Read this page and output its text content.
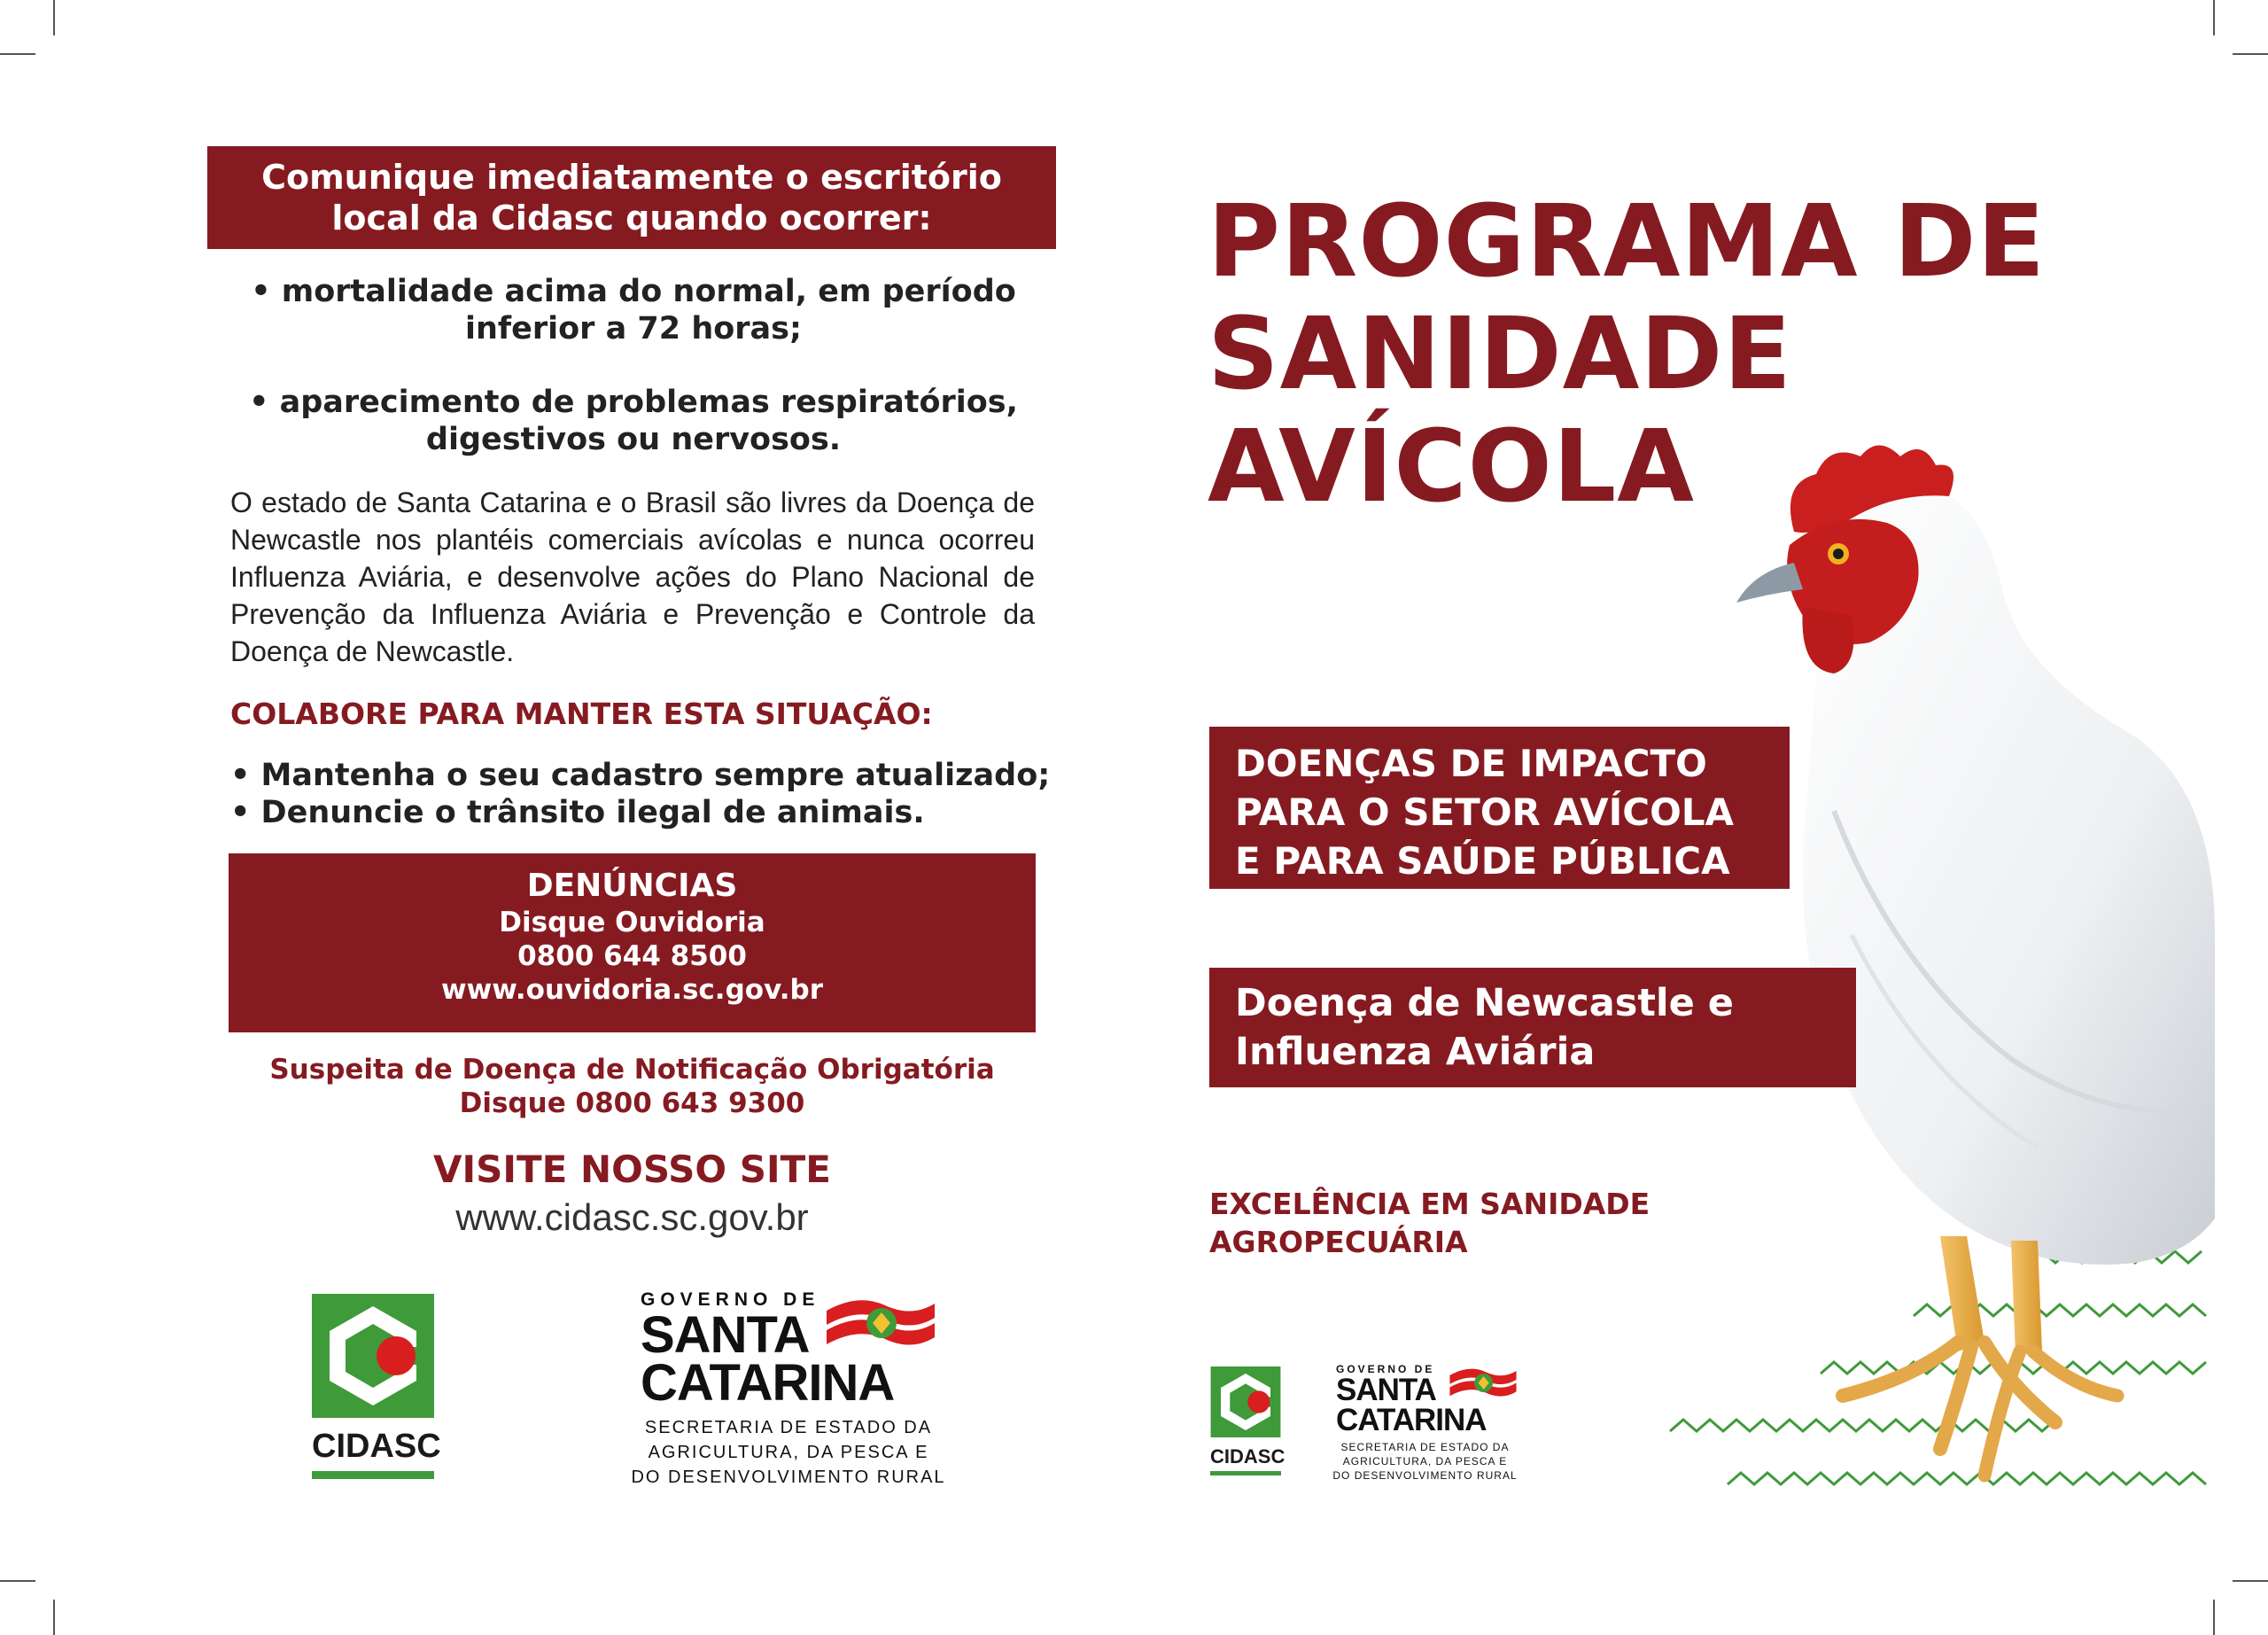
Comunique imediatamente o escritório local da Cidasc quando ocorrer:
• mortalidade acima do normal, em período inferior a 72 horas;
• aparecimento de problemas respiratórios, digestivos ou nervosos.
O estado de Santa Catarina e o Brasil são livres da Doença de Newcastle nos plantéis comerciais avícolas e nunca ocorreu Influenza Aviária, e desenvolve ações do Plano Nacional de Prevenção da Influenza Aviária e Prevenção e Controle da Doença de Newcastle.
COLABORE PARA MANTER ESTA SITUAÇÃO:
• Mantenha o seu cadastro sempre atualizado;
• Denuncie o trânsito ilegal de animais.
DENÚNCIAS
Disque Ouvidoria
0800 644 8500
www.ouvidoria.sc.gov.br
Suspeita de Doença de Notificação Obrigatória
Disque 0800 643 9300
VISITE NOSSO SITE
www.cidasc.sc.gov.br
CIDASC
GOVERNO DE
SANTA
CATARINA
SECRETARIA DE ESTADO DA
AGRICULTURA, DA PESCA E
DO DESENVOLVIMENTO RURAL
PROGRAMA DE
SANIDADE
AVÍCOLA
DOENÇAS DE IMPACTO
PARA O SETOR AVÍCOLA
E PARA SAÚDE PÚBLICA
Doença de Newcastle e
Influenza Aviária
EXCELÊNCIA EM SANIDADE
AGROPECUÁRIA
CIDASC
GOVERNO DE
SANTA
CATARINA
SECRETARIA DE ESTADO DA
AGRICULTURA, DA PESCA E
DO DESENVOLVIMENTO RURAL
